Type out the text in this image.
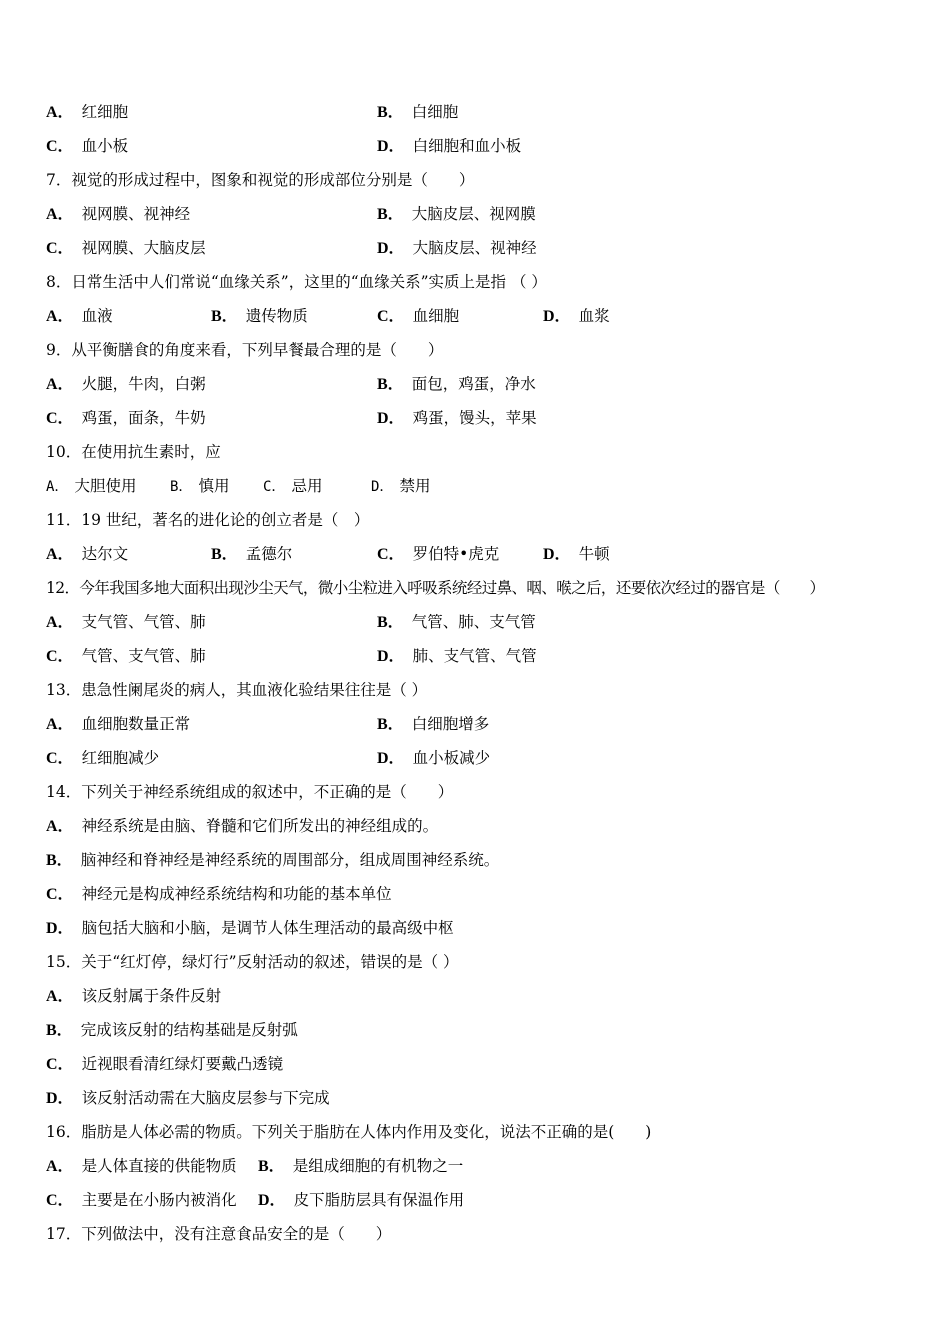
A． 红细胞	B． 白细胞
C． 血小板	D． 白细胞和血小板
7．视觉的形成过程中，图象和视觉的形成部位分别是（　　）
A． 视网膜、视神经	B． 大脑皮层、视网膜
C． 视网膜、大脑皮层	D． 大脑皮层、视神经
8．日常生活中人们常说“血缘关系”，这里的“血缘关系”实质上是指 （ ）
A． 血液	B． 遗传物质	C． 血细胞	D． 血浆
9．从平衡膳食的角度来看，下列早餐最合理的是（　　）
A． 火腿，牛肉，白粥	B． 面包，鸡蛋，净水
C． 鸡蛋，面条，牛奶	D． 鸡蛋，馒头，苹果
10．在使用抗生素时，应
A． 大胆使用 B． 慎用 C． 忌用	D． 禁用
11．19 世纪，著名的进化论的创立者是（　）
A． 达尔文	B． 孟德尔	C． 罗伯特•虎克	D． 牛顿
12．今年我国多地大面积出现沙尘天气，微小尘粒进入呼吸系统经过鼻、咽、喉之后，还要依次经过的器官是（　　）
A． 支气管、气管、肺	B． 气管、肺、支气管
C． 气管、支气管、肺	D． 肺、支气管、气管
13．患急性阑尾炎的病人，其血液化验结果往往是（ ）
A． 血细胞数量正常	B． 白细胞增多
C． 红细胞减少	D． 血小板减少
14．下列关于神经系统组成的叙述中，不正确的是（　　）
A． 神经系统是由脑、脊髓和它们所发出的神经组成的。
B． 脑神经和脊神经是神经系统的周围部分，组成周围神经系统。
C． 神经元是构成神经系统结构和功能的基本单位
D． 脑包括大脑和小脑，是调节人体生理活动的最高级中枢
15．关于“红灯停，绿灯行”反射活动的叙述，错误的是（ ）
A． 该反射属于条件反射
B． 完成该反射的结构基础是反射弧
C． 近视眼看清红绿灯要戴凸透镜
D． 该反射活动需在大脑皮层参与下完成
16．脂肪是人体必需的物质。下列关于脂肪在人体内作用及变化，说法不正确的是(　　)
A． 是人体直接的供能物质 B． 是组成细胞的有机物之一
C． 主要是在小肠内被消化 D． 皮下脂肪层具有保温作用
17．下列做法中，没有注意食品安全的是（　　）
